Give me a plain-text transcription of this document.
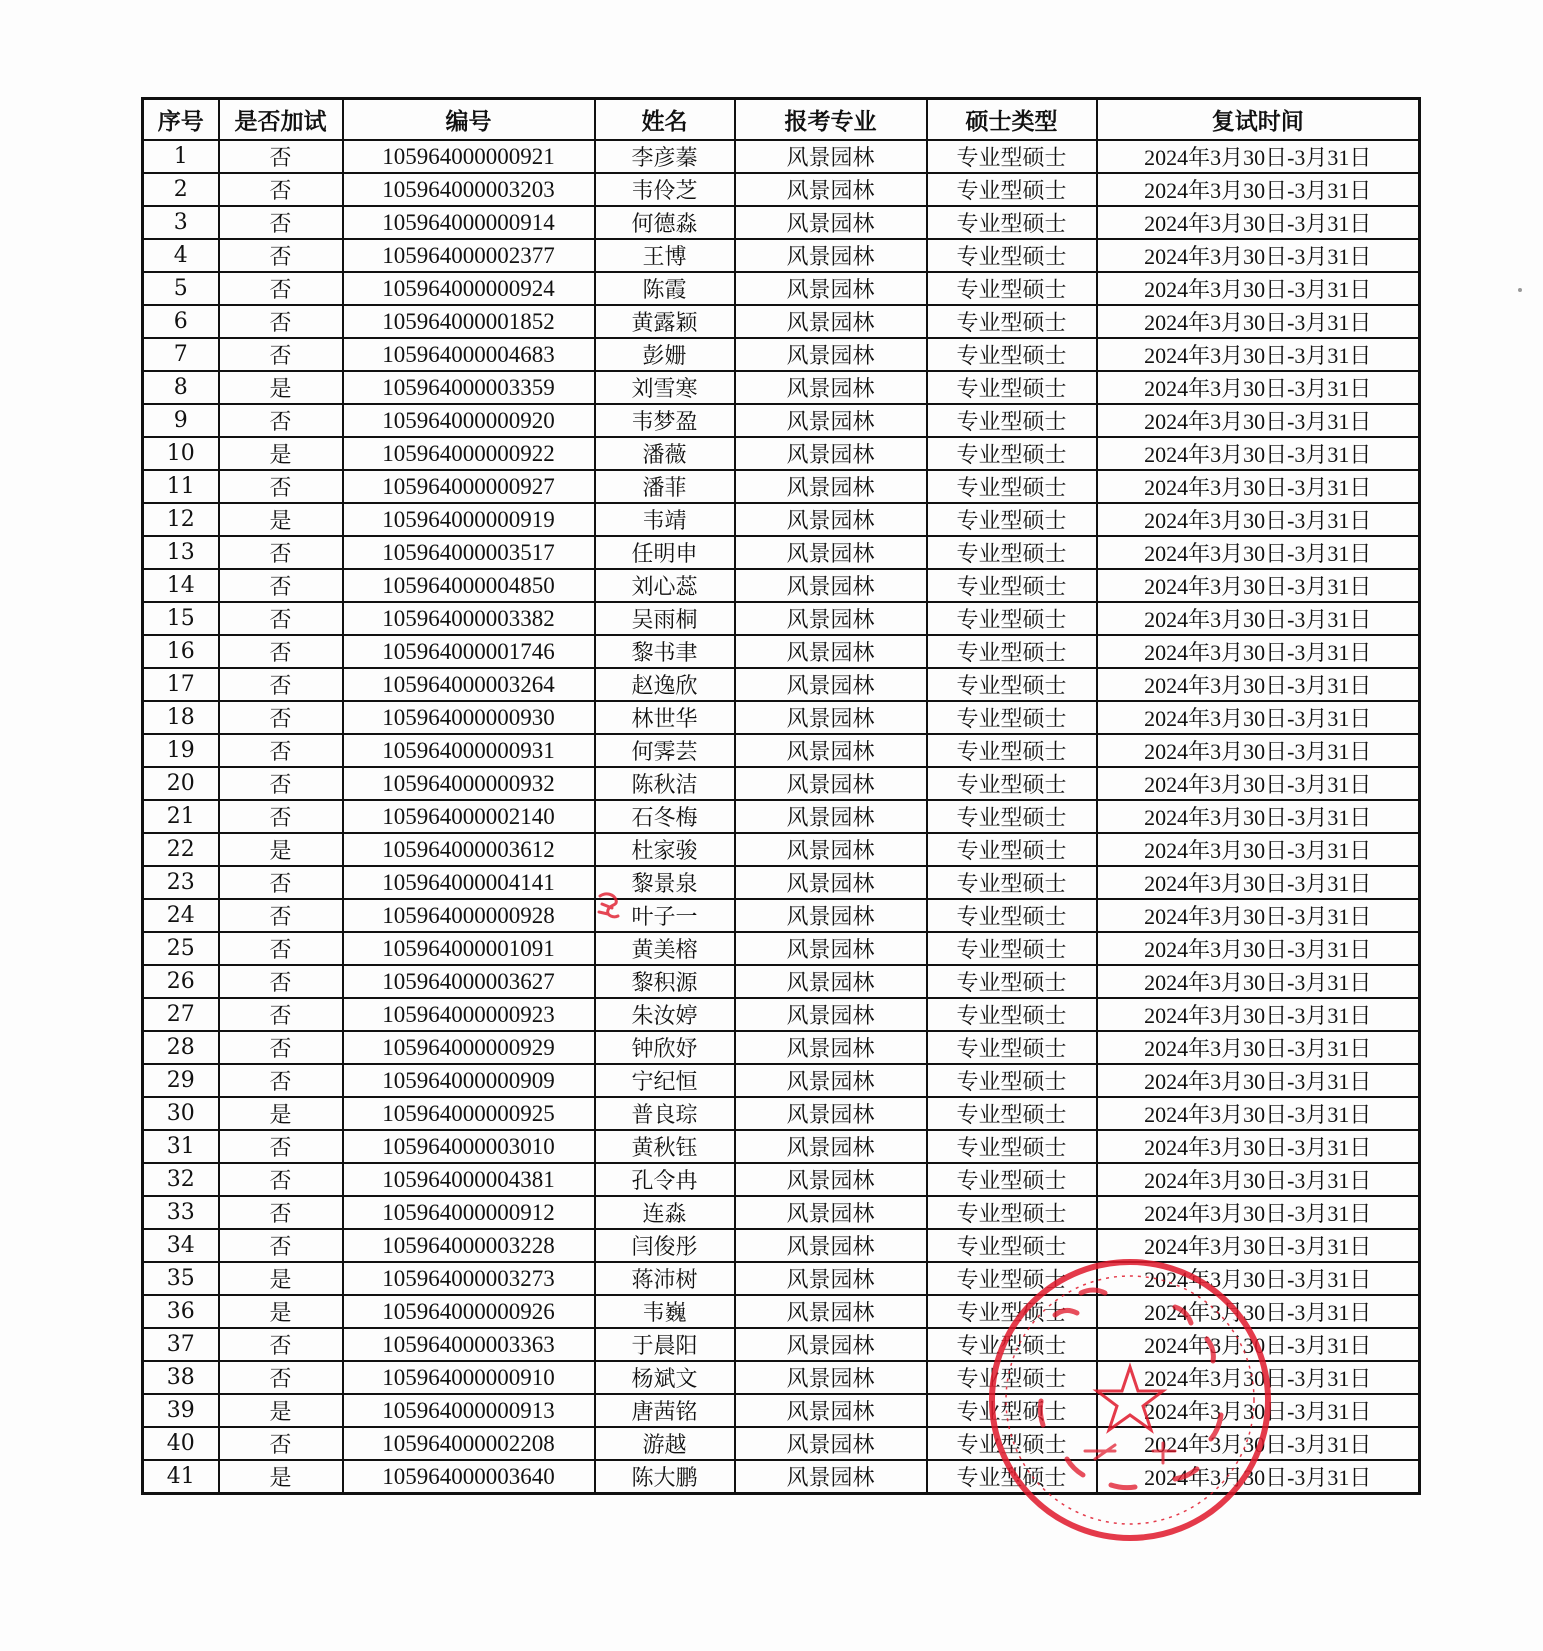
序号	是否加试	编号	姓名	报考专业	硕士类型	复试时间
1	否	105964000000921	李彦蓁	风景园林	专业型硕士	2024年3月30日-3月31日
2	否	105964000003203	韦伶芝	风景园林	专业型硕士	2024年3月30日-3月31日
3	否	105964000000914	何德淼	风景园林	专业型硕士	2024年3月30日-3月31日
4	否	105964000002377	王博	风景园林	专业型硕士	2024年3月30日-3月31日
5	否	105964000000924	陈霞	风景园林	专业型硕士	2024年3月30日-3月31日
6	否	105964000001852	黄露颖	风景园林	专业型硕士	2024年3月30日-3月31日
7	否	105964000004683	彭姗	风景园林	专业型硕士	2024年3月30日-3月31日
8	是	105964000003359	刘雪寒	风景园林	专业型硕士	2024年3月30日-3月31日
9	否	105964000000920	韦梦盈	风景园林	专业型硕士	2024年3月30日-3月31日
10	是	105964000000922	潘薇	风景园林	专业型硕士	2024年3月30日-3月31日
11	否	105964000000927	潘菲	风景园林	专业型硕士	2024年3月30日-3月31日
12	是	105964000000919	韦靖	风景园林	专业型硕士	2024年3月30日-3月31日
13	否	105964000003517	任明申	风景园林	专业型硕士	2024年3月30日-3月31日
14	否	105964000004850	刘心蕊	风景园林	专业型硕士	2024年3月30日-3月31日
15	否	105964000003382	吴雨桐	风景园林	专业型硕士	2024年3月30日-3月31日
16	否	105964000001746	黎书聿	风景园林	专业型硕士	2024年3月30日-3月31日
17	否	105964000003264	赵逸欣	风景园林	专业型硕士	2024年3月30日-3月31日
18	否	105964000000930	林世华	风景园林	专业型硕士	2024年3月30日-3月31日
19	否	105964000000931	何霁芸	风景园林	专业型硕士	2024年3月30日-3月31日
20	否	105964000000932	陈秋洁	风景园林	专业型硕士	2024年3月30日-3月31日
21	否	105964000002140	石冬梅	风景园林	专业型硕士	2024年3月30日-3月31日
22	是	105964000003612	杜家骏	风景园林	专业型硕士	2024年3月30日-3月31日
23	否	105964000004141	黎景泉	风景园林	专业型硕士	2024年3月30日-3月31日
24	否	105964000000928	叶子一	风景园林	专业型硕士	2024年3月30日-3月31日
25	否	105964000001091	黄美榕	风景园林	专业型硕士	2024年3月30日-3月31日
26	否	105964000003627	黎积源	风景园林	专业型硕士	2024年3月30日-3月31日
27	否	105964000000923	朱汝婷	风景园林	专业型硕士	2024年3月30日-3月31日
28	否	105964000000929	钟欣妤	风景园林	专业型硕士	2024年3月30日-3月31日
29	否	105964000000909	宁纪恒	风景园林	专业型硕士	2024年3月30日-3月31日
30	是	105964000000925	普良琮	风景园林	专业型硕士	2024年3月30日-3月31日
31	否	105964000003010	黄秋钰	风景园林	专业型硕士	2024年3月30日-3月31日
32	否	105964000004381	孔令冉	风景园林	专业型硕士	2024年3月30日-3月31日
33	否	105964000000912	连淼	风景园林	专业型硕士	2024年3月30日-3月31日
34	否	105964000003228	闫俊彤	风景园林	专业型硕士	2024年3月30日-3月31日
35	是	105964000003273	蒋沛树	风景园林	专业型硕士	2024年3月30日-3月31日
36	是	105964000000926	韦巍	风景园林	专业型硕士	2024年3月30日-3月31日
37	否	105964000003363	于晨阳	风景园林	专业型硕士	2024年3月30日-3月31日
38	否	105964000000910	杨斌文	风景园林	专业型硕士	2024年3月30日-3月31日
39	是	105964000000913	唐茜铭	风景园林	专业型硕士	2024年3月30日-3月31日
40	否	105964000002208	游越	风景园林	专业型硕士	2024年3月30日-3月31日
41	是	105964000003640	陈大鹏	风景园林	专业型硕士	2024年3月30日-3月31日
